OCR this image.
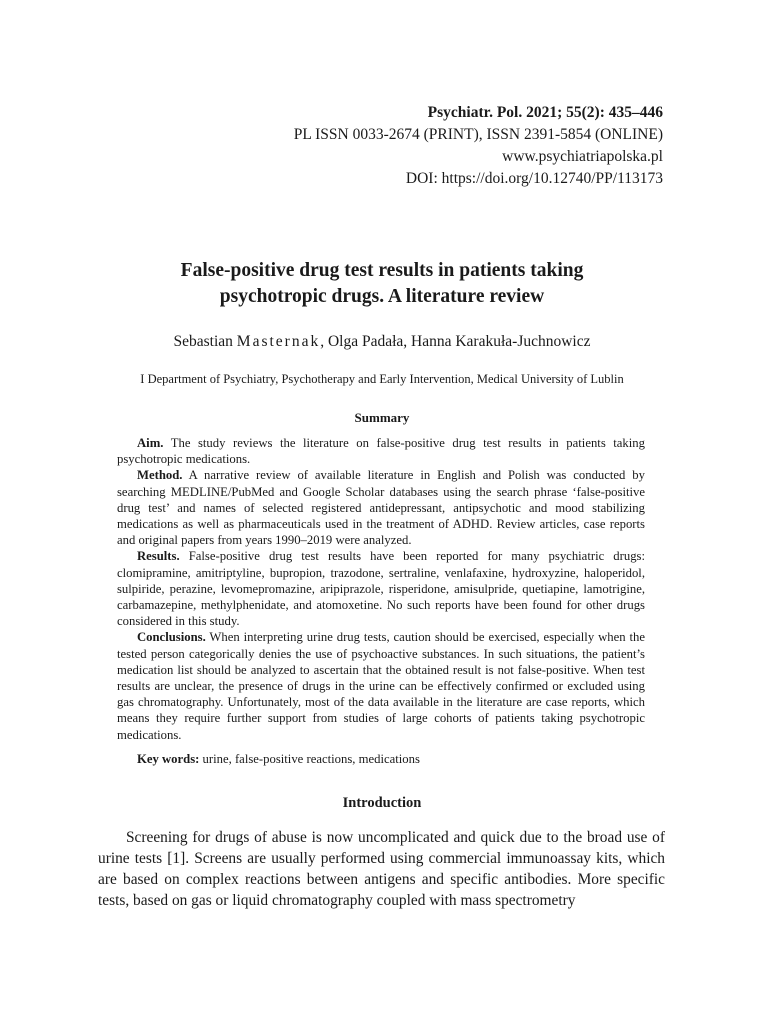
Psychiatr. Pol. 2021; 55(2): 435–446
PL ISSN 0033-2674 (PRINT), ISSN 2391-5854 (ONLINE)
www.psychiatriapolska.pl
DOI: https://doi.org/10.12740/PP/113173
False-positive drug test results in patients taking
psychotropic drugs. A literature review
Sebastian Masternak, Olga Padała, Hanna Karakuła-Juchnowicz
I Department of Psychiatry, Psychotherapy and Early Intervention, Medical University of Lublin
Summary

Aim. The study reviews the literature on false-positive drug test results in patients taking psychotropic medications.

Method. A narrative review of available literature in English and Polish was conducted by searching MEDLINE/PubMed and Google Scholar databases using the search phrase ‘false-positive drug test’ and names of selected registered antidepressant, antipsychotic and mood stabilizing medications as well as pharmaceuticals used in the treatment of ADHD. Review articles, case reports and original papers from years 1990–2019 were analyzed.

Results. False-positive drug test results have been reported for many psychiatric drugs: clomipramine, amitriptyline, bupropion, trazodone, sertraline, venlafaxine, hydroxyzine, haloperidol, sulpiride, perazine, levomepromazine, aripiprazole, risperidone, amisulpride, quetiapine, lamotrigine, carbamazepine, methylphenidate, and atomoxetine. No such reports have been found for other drugs considered in this study.

Conclusions. When interpreting urine drug tests, caution should be exercised, especially when the tested person categorically denies the use of psychoactive substances. In such situations, the patient’s medication list should be analyzed to ascertain that the obtained result is not false-positive. When test results are unclear, the presence of drugs in the urine can be effectively confirmed or excluded using gas chromatography. Unfortunately, most of the data available in the literature are case reports, which means they require further support from studies of large cohorts of patients taking psychotropic medications.

Key words: urine, false-positive reactions, medications

Introduction

Screening for drugs of abuse is now uncomplicated and quick due to the broad use of urine tests [1]. Screens are usually performed using commercial immunoassay kits, which are based on complex reactions between antigens and specific antibodies. More specific tests, based on gas or liquid chromatography coupled with mass spectrometry
